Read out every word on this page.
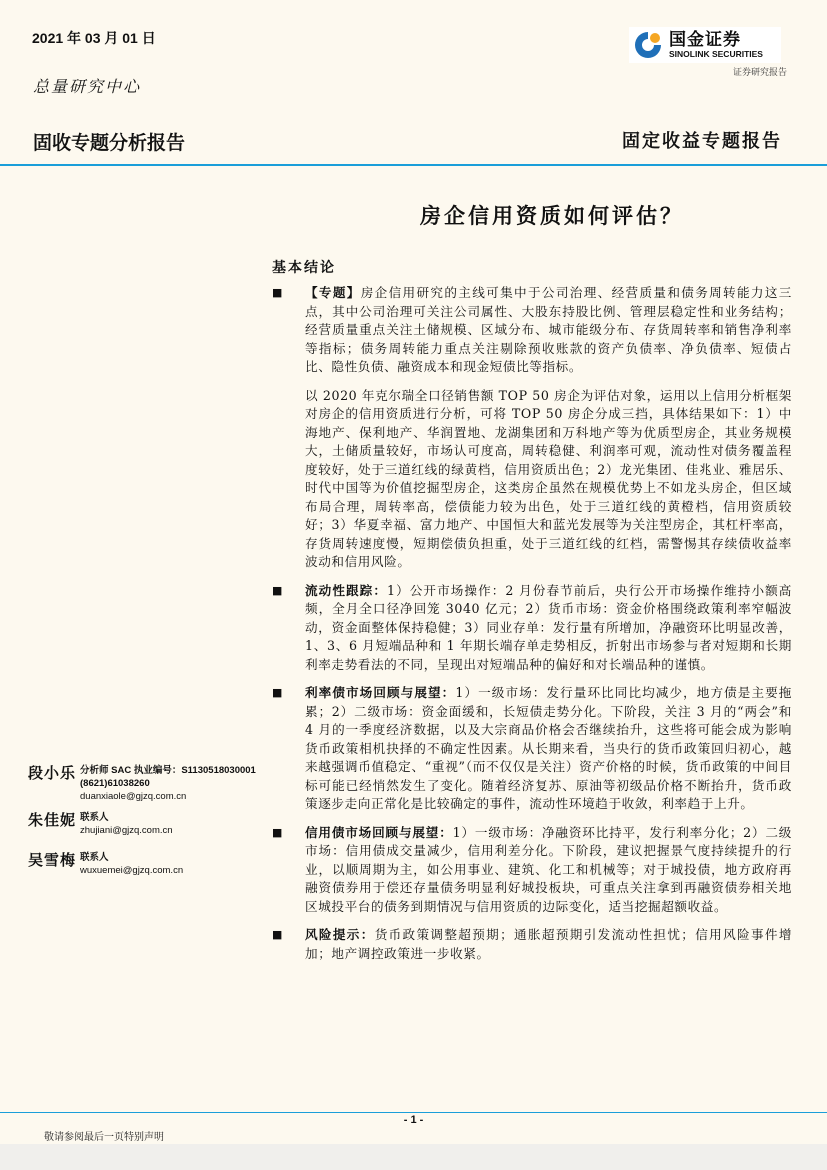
2021 年 03 月 01 日
总量研究中心
固收专题分析报告	固定收益专题报告
国金证券
SINOLINK SECURITIES
证券研究报告
房企信用资质如何评估？
基本结论
■	【专题】房企信用研究的主线可集中于公司治理、经营质量和债务周转能力这三点，其中公司治理可关注公司属性、大股东持股比例、管理层稳定性和业务结构；经营质量重点关注土储规模、区域分布、城市能级分布、存货周转率和销售净利率等指标；债务周转能力重点关注剔除预收账款的资产负债率、净负债率、短债占比、隐性负债、融资成本和现金短债比等指标。
以 2020 年克尔瑞全口径销售额 TOP 50 房企为评估对象，运用以上信用分析框架对房企的信用资质进行分析，可将 TOP 50 房企分成三挡，具体结果如下：1）中海地产、保利地产、华润置地、龙湖集团和万科地产等为优质型房企，其业务规模大，土储质量较好，市场认可度高，周转稳健、利润率可观，流动性对债务覆盖程度较好，处于三道红线的绿黄档，信用资质出色；2）龙光集团、佳兆业、雅居乐、时代中国等为价值挖掘型房企，这类房企虽然在规模优势上不如龙头房企，但区域布局合理，周转率高，偿债能力较为出色，处于三道红线的黄橙档，信用资质较好；3）华夏幸福、富力地产、中国恒大和蓝光发展等为关注型房企，其杠杆率高，存货周转速度慢，短期偿债负担重，处于三道红线的红档，需警惕其存续债收益率波动和信用风险。
■	流动性跟踪：1）公开市场操作：2 月份春节前后，央行公开市场操作维持小额高频，全月全口径净回笼 3040 亿元；2）货币市场：资金价格围绕政策利率窄幅波动，资金面整体保持稳健；3）同业存单：发行量有所增加，净融资环比明显改善，1、3、6 月短端品种和 1 年期长端存单走势相反，折射出市场参与者对短期和长期利率走势看法的不同，呈现出对短端品种的偏好和对长端品种的谨慎。
■	利率债市场回顾与展望：1）一级市场：发行量环比同比均减少，地方债是主要拖累；2）二级市场：资金面缓和，长短债走势分化。下阶段，关注 3 月的“两会”和 4 月的一季度经济数据，以及大宗商品价格会否继续抬升，这些将可能会成为影响货币政策相机抉择的不确定性因素。从长期来看，当央行的货币政策回归初心，越来越强调币值稳定、“重视”（而不仅仅是关注）资产价格的时候，货币政策的中间目标可能已经悄然发生了变化。随着经济复苏、原油等初级品价格不断抬升，货币政策逐步走向正常化是比较确定的事件，流动性环境趋于收敛，利率趋于上升。
■	信用债市场回顾与展望：1）一级市场：净融资环比持平，发行利率分化；2）二级市场：信用债成交量减少，信用利差分化。下阶段，建议把握景气度持续提升的行业，以顺周期为主，如公用事业、建筑、化工和机械等；对于城投债，地方政府再融资债券用于偿还存量债务明显利好城投板块，可重点关注拿到再融资债券相关地区城投平台的债务到期情况与信用资质的边际变化，适当挖掘超额收益。
■	风险提示：货币政策调整超预期；通胀超预期引发流动性担忧；信用风险事件增加；地产调控政策进一步收紧。
段小乐 分析师 SAC 执业编号：S1130518030001
(8621)61038260
duanxiaole@gjzq.com.cn
朱佳妮 联系人
zhujiani@gjzq.com.cn
吴雪梅 联系人
wuxuemei@gjzq.com.cn
- 1 -
敬请参阅最后一页特别声明
